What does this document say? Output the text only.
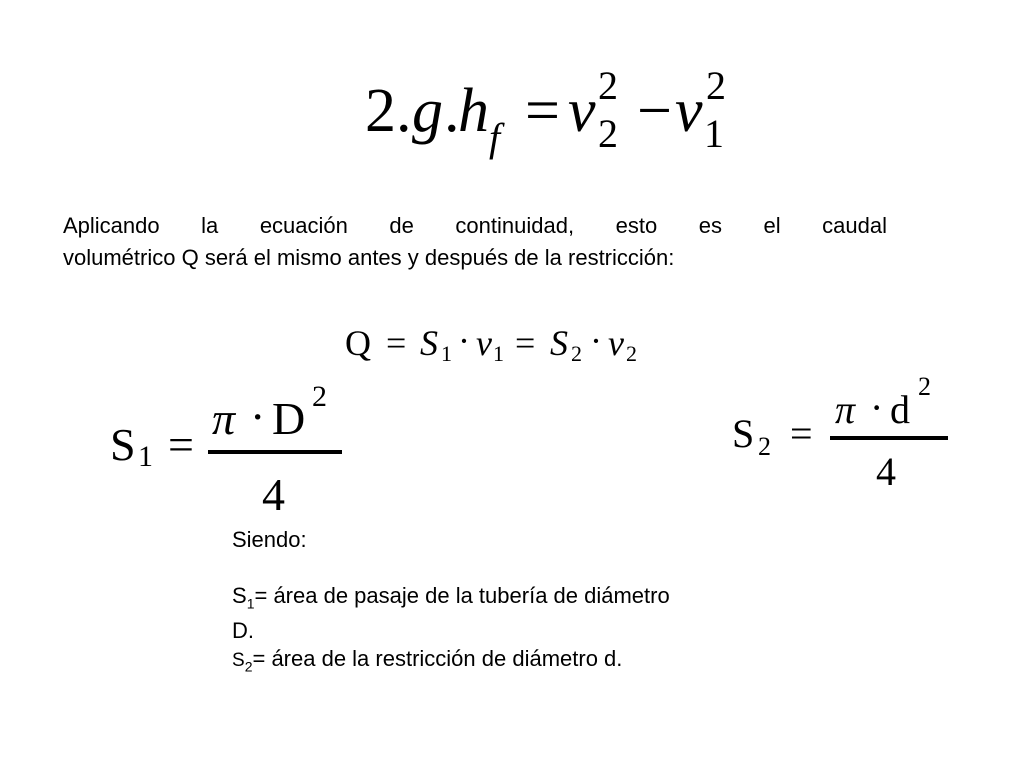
2. g .
h f = v 2
2 − v 2
1
Aplicando la ecuación de continuidad, esto es el caudal
volumétrico Q será el mismo antes y después de la restricción:
Q = S 1 · v 1 = S 2 · v 2
S 1 =
π · D 2
4
S 2 =
π · d
2
4
Siendo:
$S_1=$ área de pasaje de la tubería de diámetro
D.
$S_2=$ área de la restricción de diámetro d.
